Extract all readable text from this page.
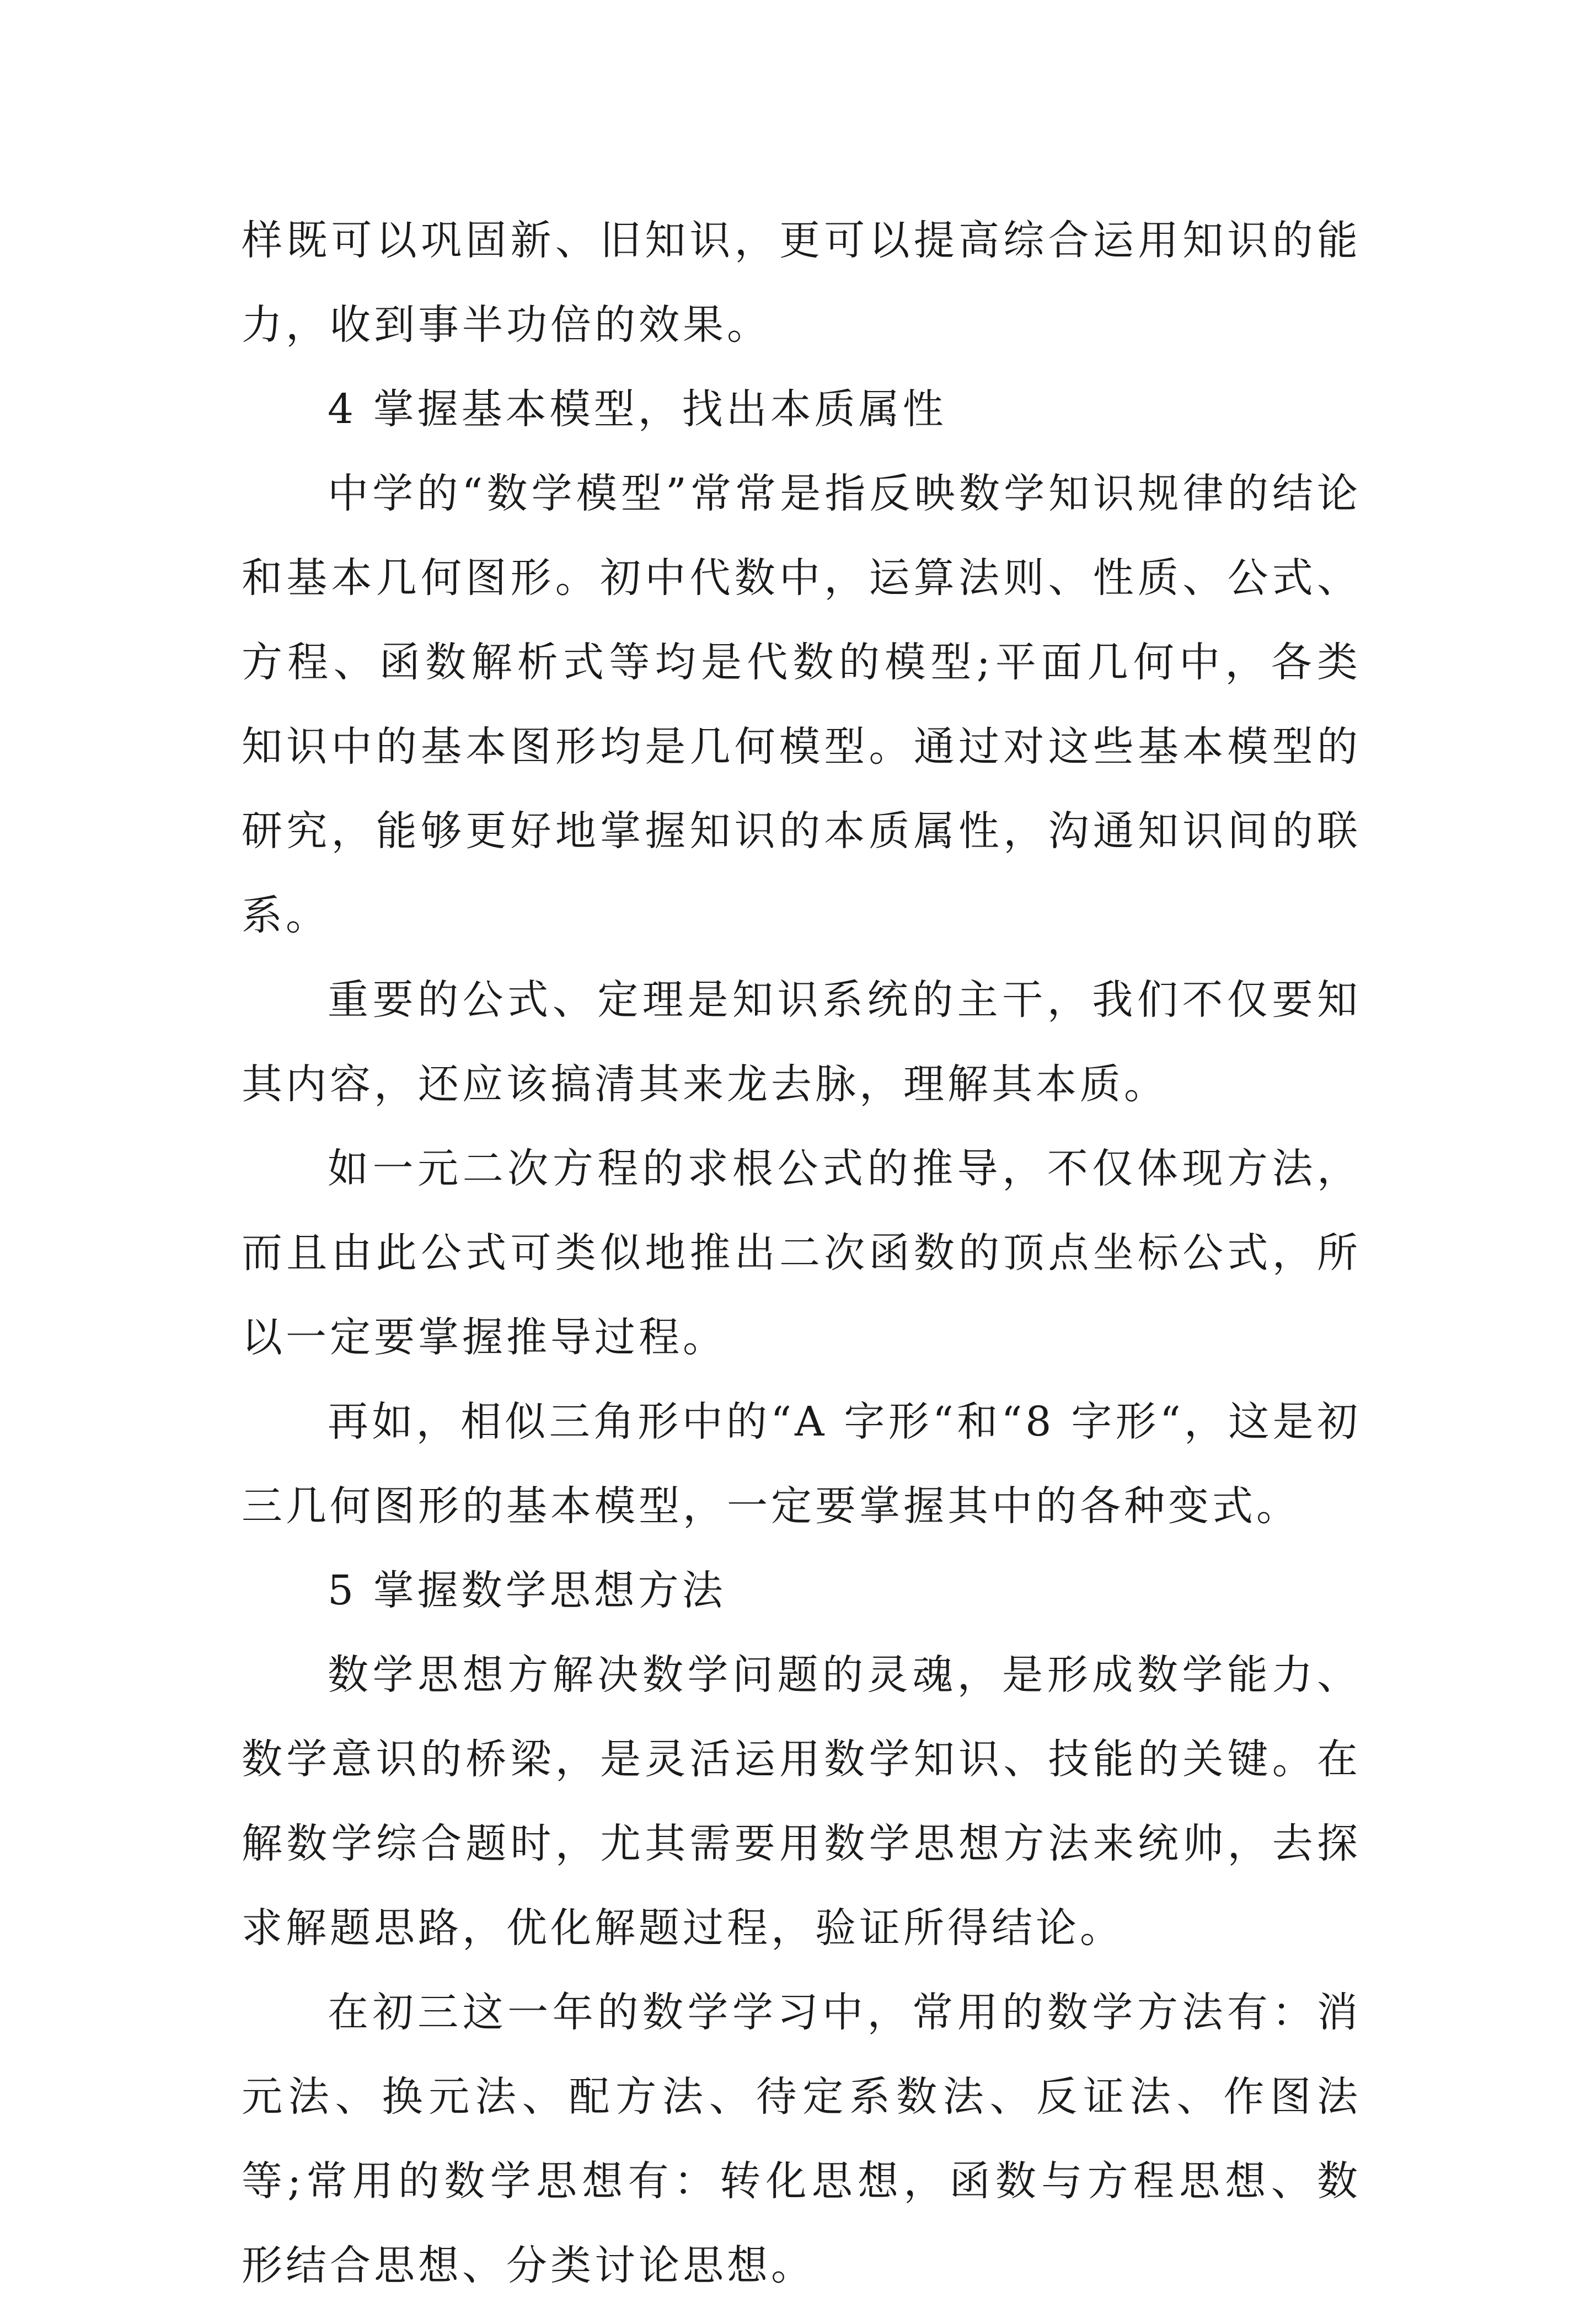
样既可以巩固新、旧知识，更可以提高综合运用知识的能力，收到事半功倍的效果。

4 掌握基本模型，找出本质属性

中学的“数学模型”常常是指反映数学知识规律的结论和基本几何图形。初中代数中，运算法则、性质、公式、方程、函数解析式等均是代数的模型;平面几何中，各类知识中的基本图形均是几何模型。通过对这些基本模型的研究，能够更好地掌握知识的本质属性，沟通知识间的联系。

重要的公式、定理是知识系统的主干，我们不仅要知其内容，还应该搞清其来龙去脉，理解其本质。

如一元二次方程的求根公式的推导，不仅体现方法，而且由此公式可类似地推出二次函数的顶点坐标公式，所以一定要掌握推导过程。

再如，相似三角形中的“A 字形“和“8 字形“，这是初三几何图形的基本模型，一定要掌握其中的各种变式。

5 掌握数学思想方法

数学思想方解决数学问题的灵魂，是形成数学能力、数学意识的桥梁，是灵活运用数学知识、技能的关键。在解数学综合题时，尤其需要用数学思想方法来统帅，去探求解题思路，优化解题过程，验证所得结论。

在初三这一年的数学学习中，常用的数学方法有：消元法、换元法、配方法、待定系数法、反证法、作图法等;常用的数学思想有：转化思想，函数与方程思想、数形结合思想、分类讨论思想。
